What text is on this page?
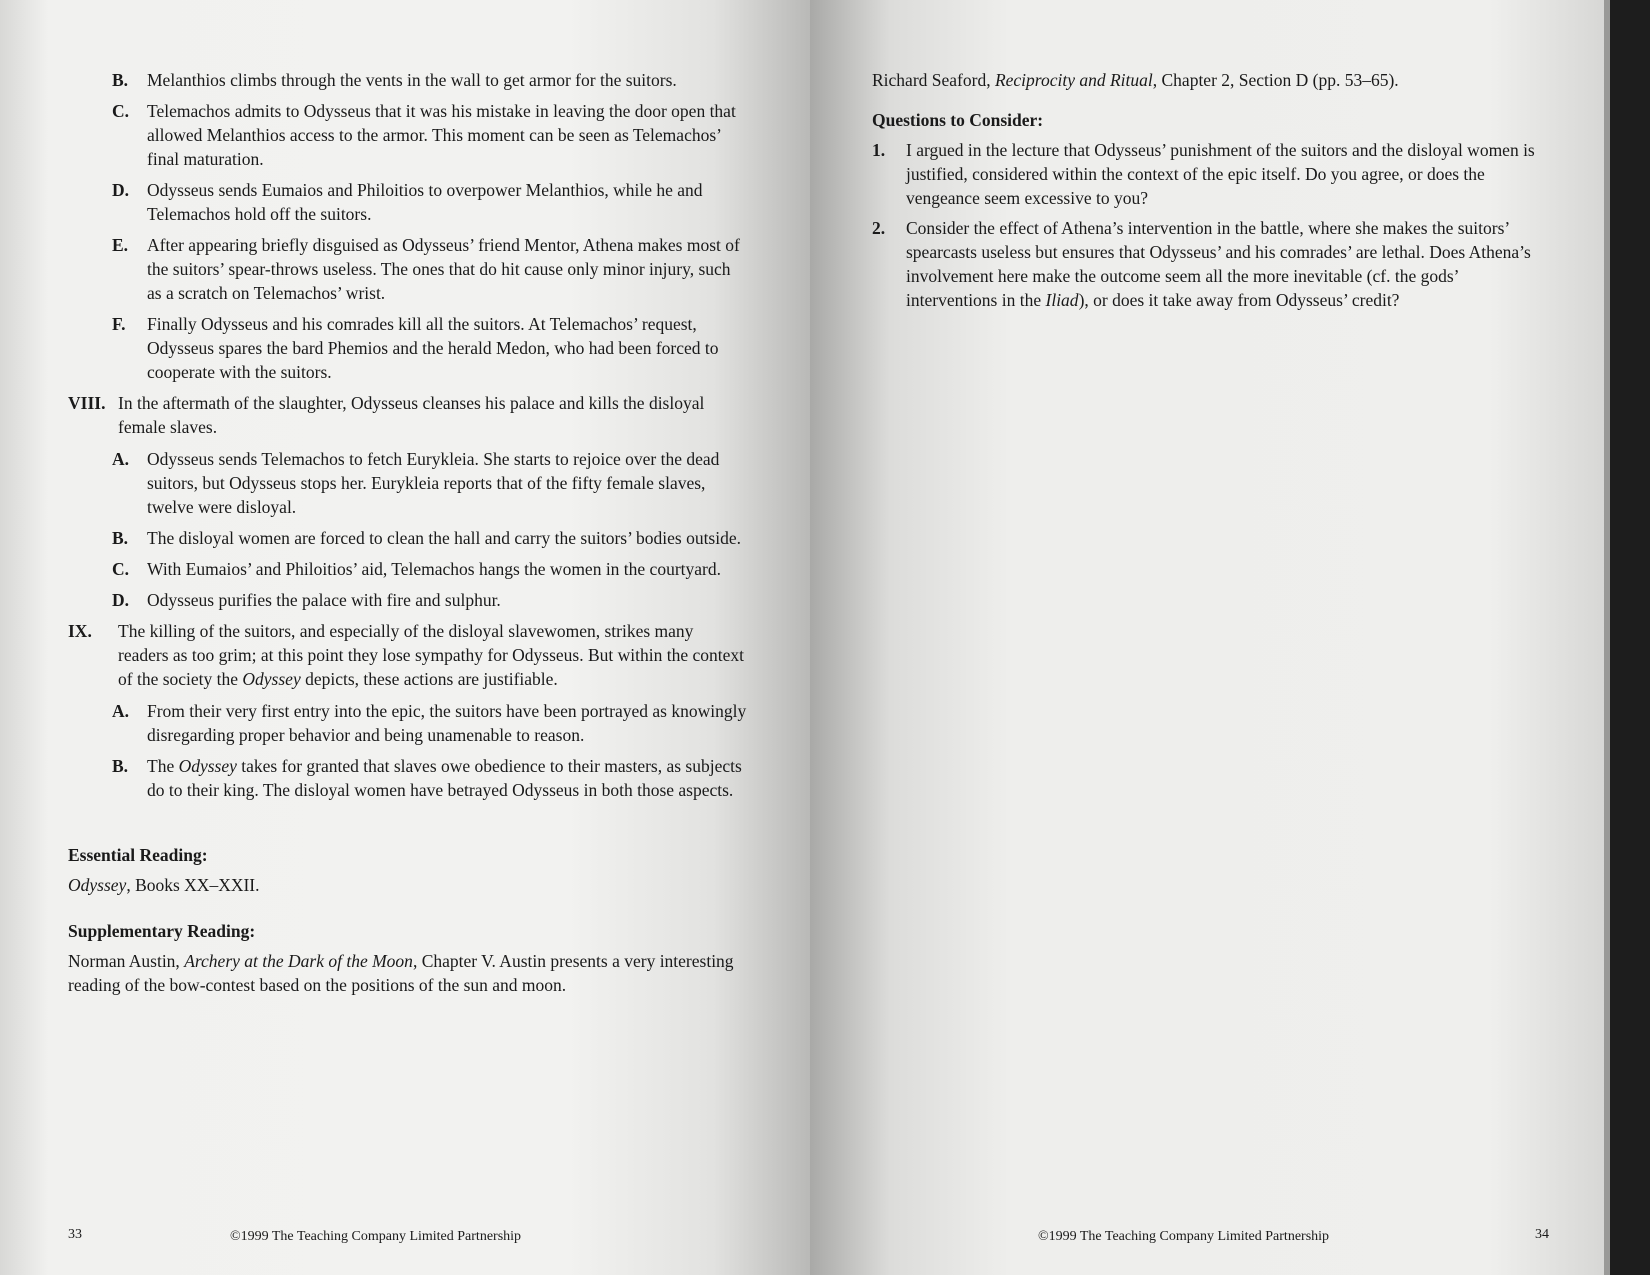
B. Melanthios climbs through the vents in the wall to get armor for the suitors.
C. Telemachos admits to Odysseus that it was his mistake in leaving the door open that allowed Melanthios access to the armor. This moment can be seen as Telemachos’ final maturation.
D. Odysseus sends Eumaios and Philoitios to overpower Melanthios, while he and Telemachos hold off the suitors.
E. After appearing briefly disguised as Odysseus’ friend Mentor, Athena makes most of the suitors’ spear-throws useless. The ones that do hit cause only minor injury, such as a scratch on Telemachos’ wrist.
F. Finally Odysseus and his comrades kill all the suitors. At Telemachos’ request, Odysseus spares the bard Phemios and the herald Medon, who had been forced to cooperate with the suitors.
VIII. In the aftermath of the slaughter, Odysseus cleanses his palace and kills the disloyal female slaves.
A. Odysseus sends Telemachos to fetch Eurykleia. She starts to rejoice over the dead suitors, but Odysseus stops her. Eurykleia reports that of the fifty female slaves, twelve were disloyal.
B. The disloyal women are forced to clean the hall and carry the suitors’ bodies outside.
C. With Eumaios’ and Philoitios’ aid, Telemachos hangs the women in the courtyard.
D. Odysseus purifies the palace with fire and sulphur.
IX. The killing of the suitors, and especially of the disloyal slavewomen, strikes many readers as too grim; at this point they lose sympathy for Odysseus. But within the context of the society the Odyssey depicts, these actions are justifiable.
A. From their very first entry into the epic, the suitors have been portrayed as knowingly disregarding proper behavior and being unamenable to reason.
B. The Odyssey takes for granted that slaves owe obedience to their masters, as subjects do to their king. The disloyal women have betrayed Odysseus in both those aspects.

Essential Reading:

Odyssey, Books XX–XXII.

Supplementary Reading:

Norman Austin, Archery at the Dark of the Moon, Chapter V. Austin presents a very interesting reading of the bow-contest based on the positions of the sun and moon.

33	©1999 The Teaching Company Limited Partnership

Richard Seaford, Reciprocity and Ritual, Chapter 2, Section D (pp. 53–65).

Questions to Consider:

1. I argued in the lecture that Odysseus’ punishment of the suitors and the disloyal women is justified, considered within the context of the epic itself. Do you agree, or does the vengeance seem excessive to you?
2. Consider the effect of Athena’s intervention in the battle, where she makes the suitors’ spearcasts useless but ensures that Odysseus’ and his comrades’ are lethal. Does Athena’s involvement here make the outcome seem all the more inevitable (cf. the gods’ interventions in the Iliad), or does it take away from Odysseus’ credit?
©1999 The Teaching Company Limited Partnership	34
